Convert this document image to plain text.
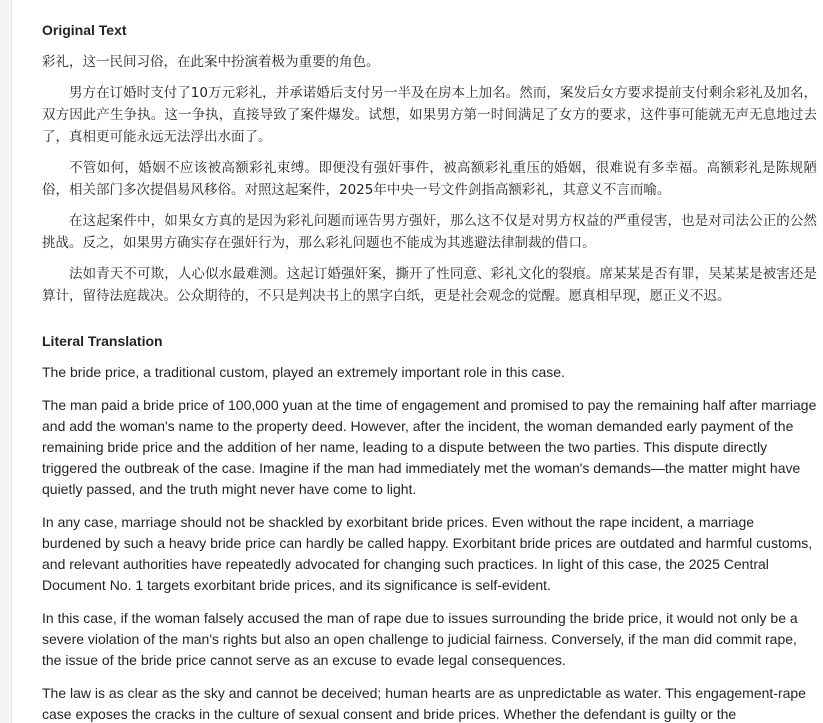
Original Text

彩礼，这一民间习俗，在此案中扮演着极为重要的角色。

男方在订婚时支付了10万元彩礼，并承诺婚后支付另一半及在房本上加名。然而，案发后女方要求提前支付剩余彩礼及加名，双方因此产生争执。这一争执，直接导致了案件爆发。试想，如果男方第一时间满足了女方的要求，这件事可能就无声无息地过去了，真相更可能永远无法浮出水面了。

不管如何，婚姻不应该被高额彩礼束缚。即便没有强奸事件，被高额彩礼重压的婚姻，很难说有多幸福。高额彩礼是陈规陋俗，相关部门多次提倡易风移俗。对照这起案件，2025年中央一号文件剑指高额彩礼，其意义不言而喻。

在这起案件中，如果女方真的是因为彩礼问题而诬告男方强奸，那么这不仅是对男方权益的严重侵害，也是对司法公正的公然挑战。反之，如果男方确实存在强奸行为，那么彩礼问题也不能成为其逃避法律制裁的借口。

法如青天不可欺，人心似水最难测。这起订婚强奸案，撕开了性同意、彩礼文化的裂痕。席某某是否有罪，吴某某是被害还是算计，留待法庭裁决。公众期待的，不只是判决书上的黑字白纸，更是社会观念的觉醒。愿真相早现，愿正义不迟。

Literal Translation

The bride price, a traditional custom, played an extremely important role in this case.

The man paid a bride price of 100,000 yuan at the time of engagement and promised to pay the remaining half after marriage and add the woman's name to the property deed. However, after the incident, the woman demanded early payment of the remaining bride price and the addition of her name, leading to a dispute between the two parties. This dispute directly triggered the outbreak of the case. Imagine if the man had immediately met the woman's demands—the matter might have quietly passed, and the truth might never have come to light.

In any case, marriage should not be shackled by exorbitant bride prices. Even without the rape incident, a marriage burdened by such a heavy bride price can hardly be called happy. Exorbitant bride prices are outdated and harmful customs, and relevant authorities have repeatedly advocated for changing such practices. In light of this case, the 2025 Central Document No. 1 targets exorbitant bride prices, and its significance is self-evident.

In this case, if the woman falsely accused the man of rape due to issues surrounding the bride price, it would not only be a severe violation of the man's rights but also an open challenge to judicial fairness. Conversely, if the man did commit rape, the issue of the bride price cannot serve as an excuse to evade legal consequences.

The law is as clear as the sky and cannot be deceived; human hearts are as unpredictable as water. This engagement-rape case exposes the cracks in the culture of sexual consent and bride prices. Whether the defendant is guilty or the
